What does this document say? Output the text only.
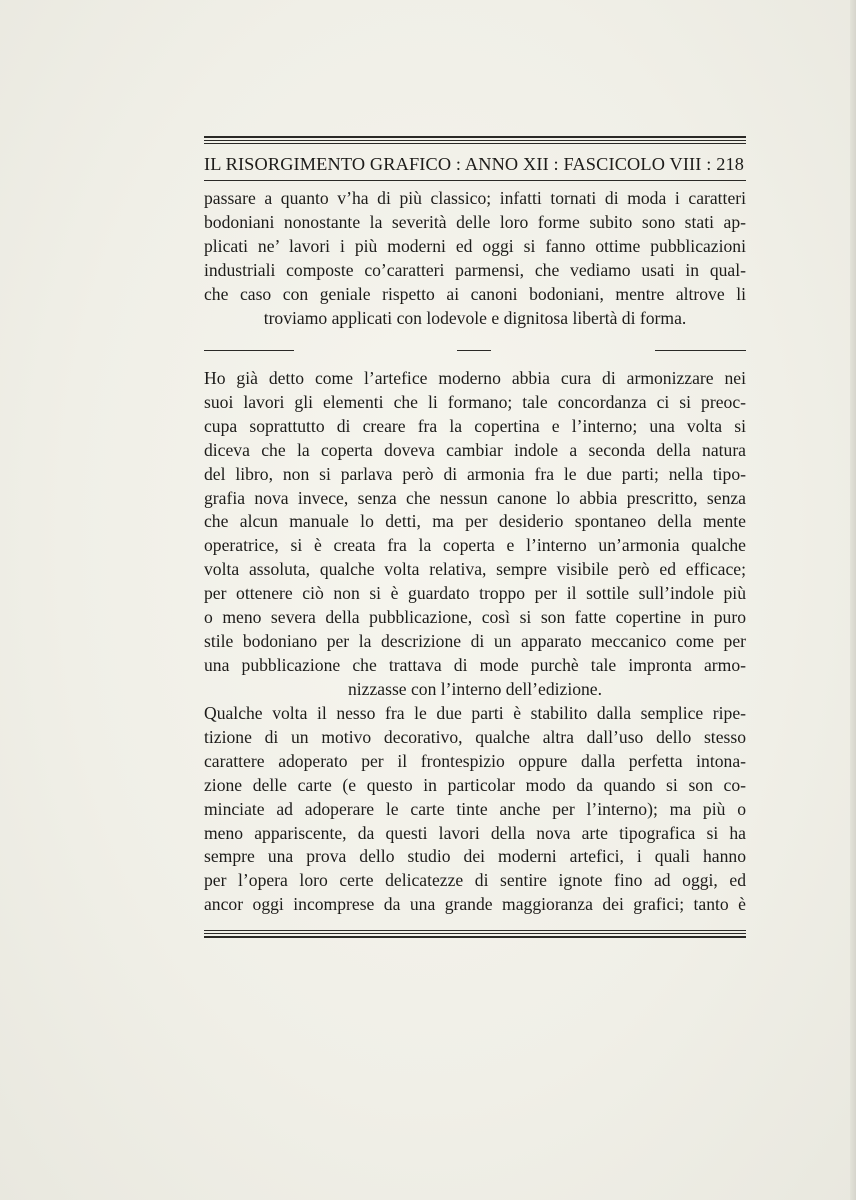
IL RISORGIMENTO GRAFICO : ANNO XII : FASCICOLO VIII : 218
passare a quanto v’ha di più classico; infatti tornati di moda i caratteri
bodoniani nonostante la severità delle loro forme subito sono stati ap-
plicati ne’ lavori i più moderni ed oggi si fanno ottime pubblicazioni
industriali composte co’caratteri parmensi, che vediamo usati in qual-
che caso con geniale rispetto ai canoni bodoniani, mentre altrove li
troviamo applicati con lodevole e dignitosa libertà di forma.
Ho già detto come l’artefice moderno abbia cura di armonizzare nei
suoi lavori gli elementi che li formano; tale concordanza ci si preoc-
cupa soprattutto di creare fra la copertina e l’interno; una volta si
diceva che la coperta doveva cambiar indole a seconda della natura
del libro, non si parlava però di armonia fra le due parti; nella tipo-
grafia nova invece, senza che nessun canone lo abbia prescritto, senza
che alcun manuale lo detti, ma per desiderio spontaneo della mente
operatrice, si è creata fra la coperta e l’interno un’armonia qualche
volta assoluta, qualche volta relativa, sempre visibile però ed efficace;
per ottenere ciò non si è guardato troppo per il sottile sull’indole più
o meno severa della pubblicazione, così si son fatte copertine in puro
stile bodoniano per la descrizione di un apparato meccanico come per
una pubblicazione che trattava di mode purchè tale impronta armo-
nizzasse con l’interno dell’edizione.
Qualche volta il nesso fra le due parti è stabilito dalla semplice ripe-
tizione di un motivo decorativo, qualche altra dall’uso dello stesso
carattere adoperato per il frontespizio oppure dalla perfetta intona-
zione delle carte (e questo in particolar modo da quando si son co-
minciate ad adoperare le carte tinte anche per l’interno); ma più o
meno appariscente, da questi lavori della nova arte tipografica si ha
sempre una prova dello studio dei moderni artefici, i quali hanno
per l’opera loro certe delicatezze di sentire ignote fino ad oggi, ed
ancor oggi incomprese da una grande maggioranza dei grafici; tanto è
